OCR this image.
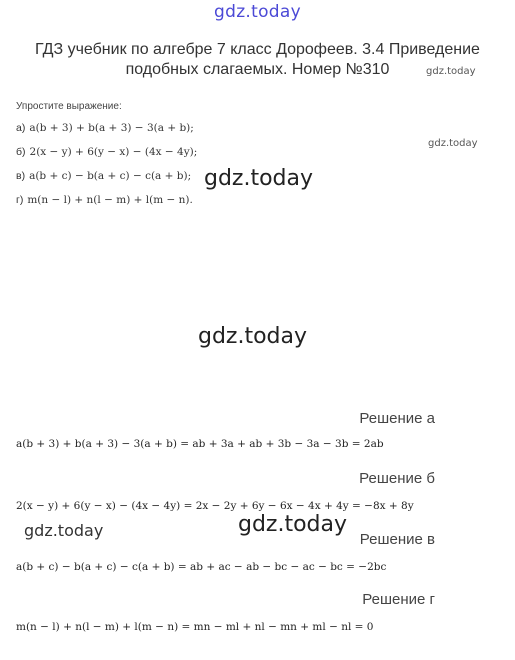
gdz.today
ГДЗ учебник по алгебре 7 класс Дорофеев. 3.4 Приведение
подобных слагаемых. Номер №310	gdz.today
gdz.today
Упростите выражение:
а) a(b + 3) + b(a + 3) − 3(a + b);
б) 2(x − y) + 6(y − x) − (4x − 4y);
в) a(b + c) − b(a + c) − c(a + b);
г) m(n − l) + n(l − m) + l(m − n).
gdz.today
gdz.today
Решение а
a(b + 3) + b(a + 3) − 3(a + b) = ab + 3a + ab + 3b − 3a − 3b = 2ab
Решение б
2(x − y) + 6(y − x) − (4x − 4y) = 2x − 2y + 6y − 6x − 4x + 4y = −8x + 8y
gdz.today	gdz.today
Решение в
a(b + c) − b(a + c) − c(a + b) = ab + ac − ab − bc − ac − bc = −2bc
Решение г
m(n − l) + n(l − m) + l(m − n) = mn − ml + nl − mn + ml − nl = 0
